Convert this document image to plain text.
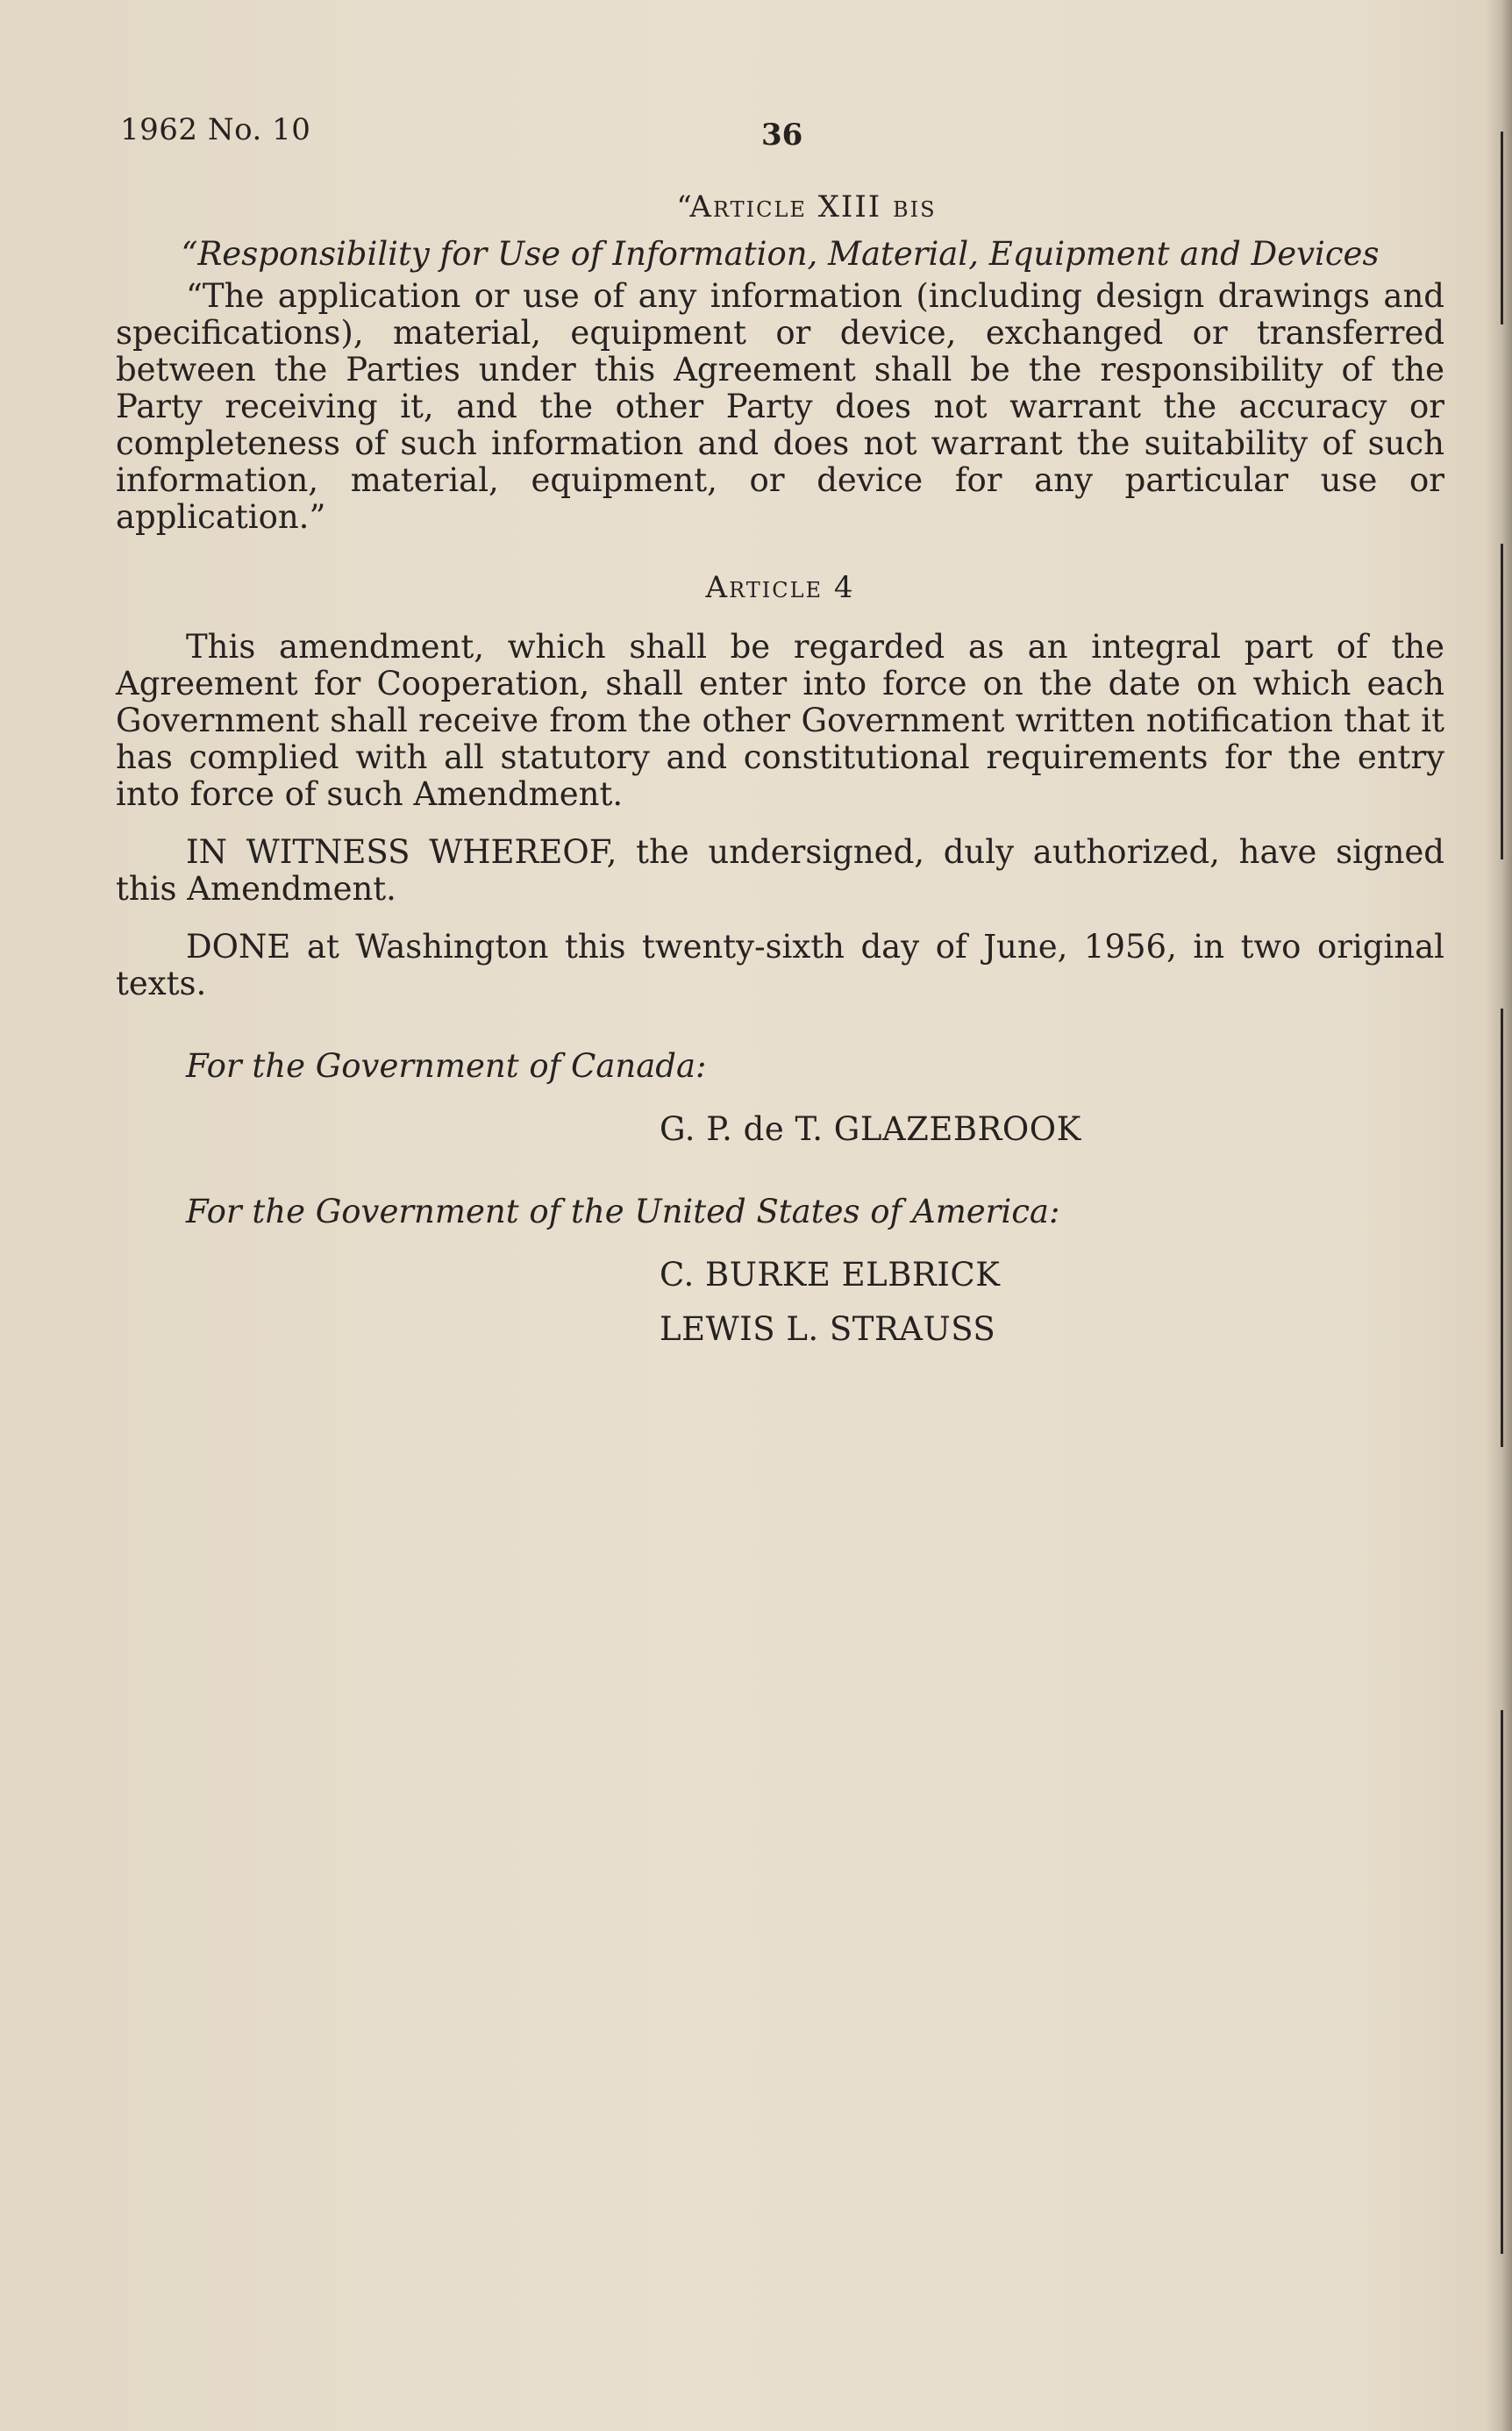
1962 No. 10	36
“Article XIII bis
“Responsibility for Use of Information, Material, Equipment and Devices

“The application or use of any information (including design drawings and specifications), material, equipment or device, exchanged or transferred between the Parties under this Agreement shall be the responsibility of the Party receiving it, and the other Party does not warrant the accuracy or completeness of such information and does not warrant the suitability of such information, material, equipment, or device for any particular use or application.”

Article 4

This amendment, which shall be regarded as an integral part of the Agreement for Cooperation, shall enter into force on the date on which each Government shall receive from the other Government written notification that it has complied with all statutory and constitutional requirements for the entry into force of such Amendment.

IN WITNESS WHEREOF, the undersigned, duly authorized, have signed this Amendment.

DONE at Washington this twenty-sixth day of June, 1956, in two original texts.

For the Government of Canada:
G. P. de T. GLAZEBROOK
For the Government of the United States of America:
C. BURKE ELBRICK
LEWIS L. STRAUSS
